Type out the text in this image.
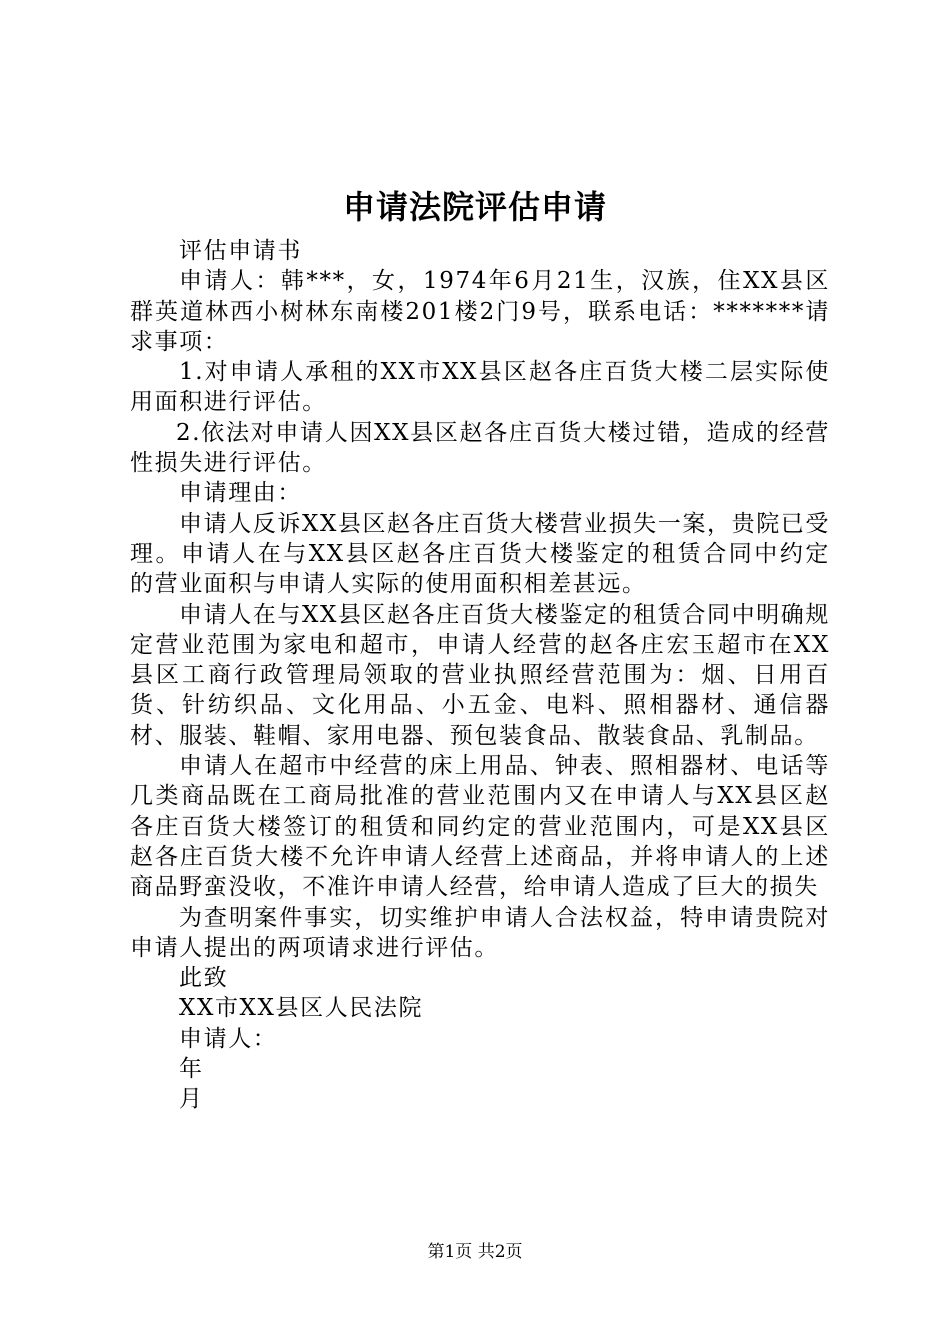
申请法院评估申请

评估申请书

申请人：韩***，女，1974年6月21生，汉族，住XX县区群英道林西小树林东南楼201楼2门9号，联系电话：*******请求事项：

1.对申请人承租的XX市XX县区赵各庄百货大楼二层实际使用面积进行评估。

2.依法对申请人因XX县区赵各庄百货大楼过错，造成的经营性损失进行评估。

申请理由：

申请人反诉XX县区赵各庄百货大楼营业损失一案，贵院已受理。申请人在与XX县区赵各庄百货大楼鉴定的租赁合同中约定的营业面积与申请人实际的使用面积相差甚远。

申请人在与XX县区赵各庄百货大楼鉴定的租赁合同中明确规定营业范围为家电和超市，申请人经营的赵各庄宏玉超市在XX县区工商行政管理局领取的营业执照经营范围为：烟、日用百货、针纺织品、文化用品、小五金、电料、照相器材、通信器材、服装、鞋帽、家用电器、预包装食品、散装食品、乳制品。

申请人在超市中经营的床上用品、钟表、照相器材、电话等几类商品既在工商局批准的营业范围内又在申请人与XX县区赵各庄百货大楼签订的租赁和同约定的营业范围内，可是XX县区赵各庄百货大楼不允许申请人经营上述商品，并将申请人的上述商品野蛮没收，不准许申请人经营，给申请人造成了巨大的损失

为查明案件事实，切实维护申请人合法权益，特申请贵院对申请人提出的两项请求进行评估。

此致

XX市XX县区人民法院

申请人：

年

月

第1页 共2页
